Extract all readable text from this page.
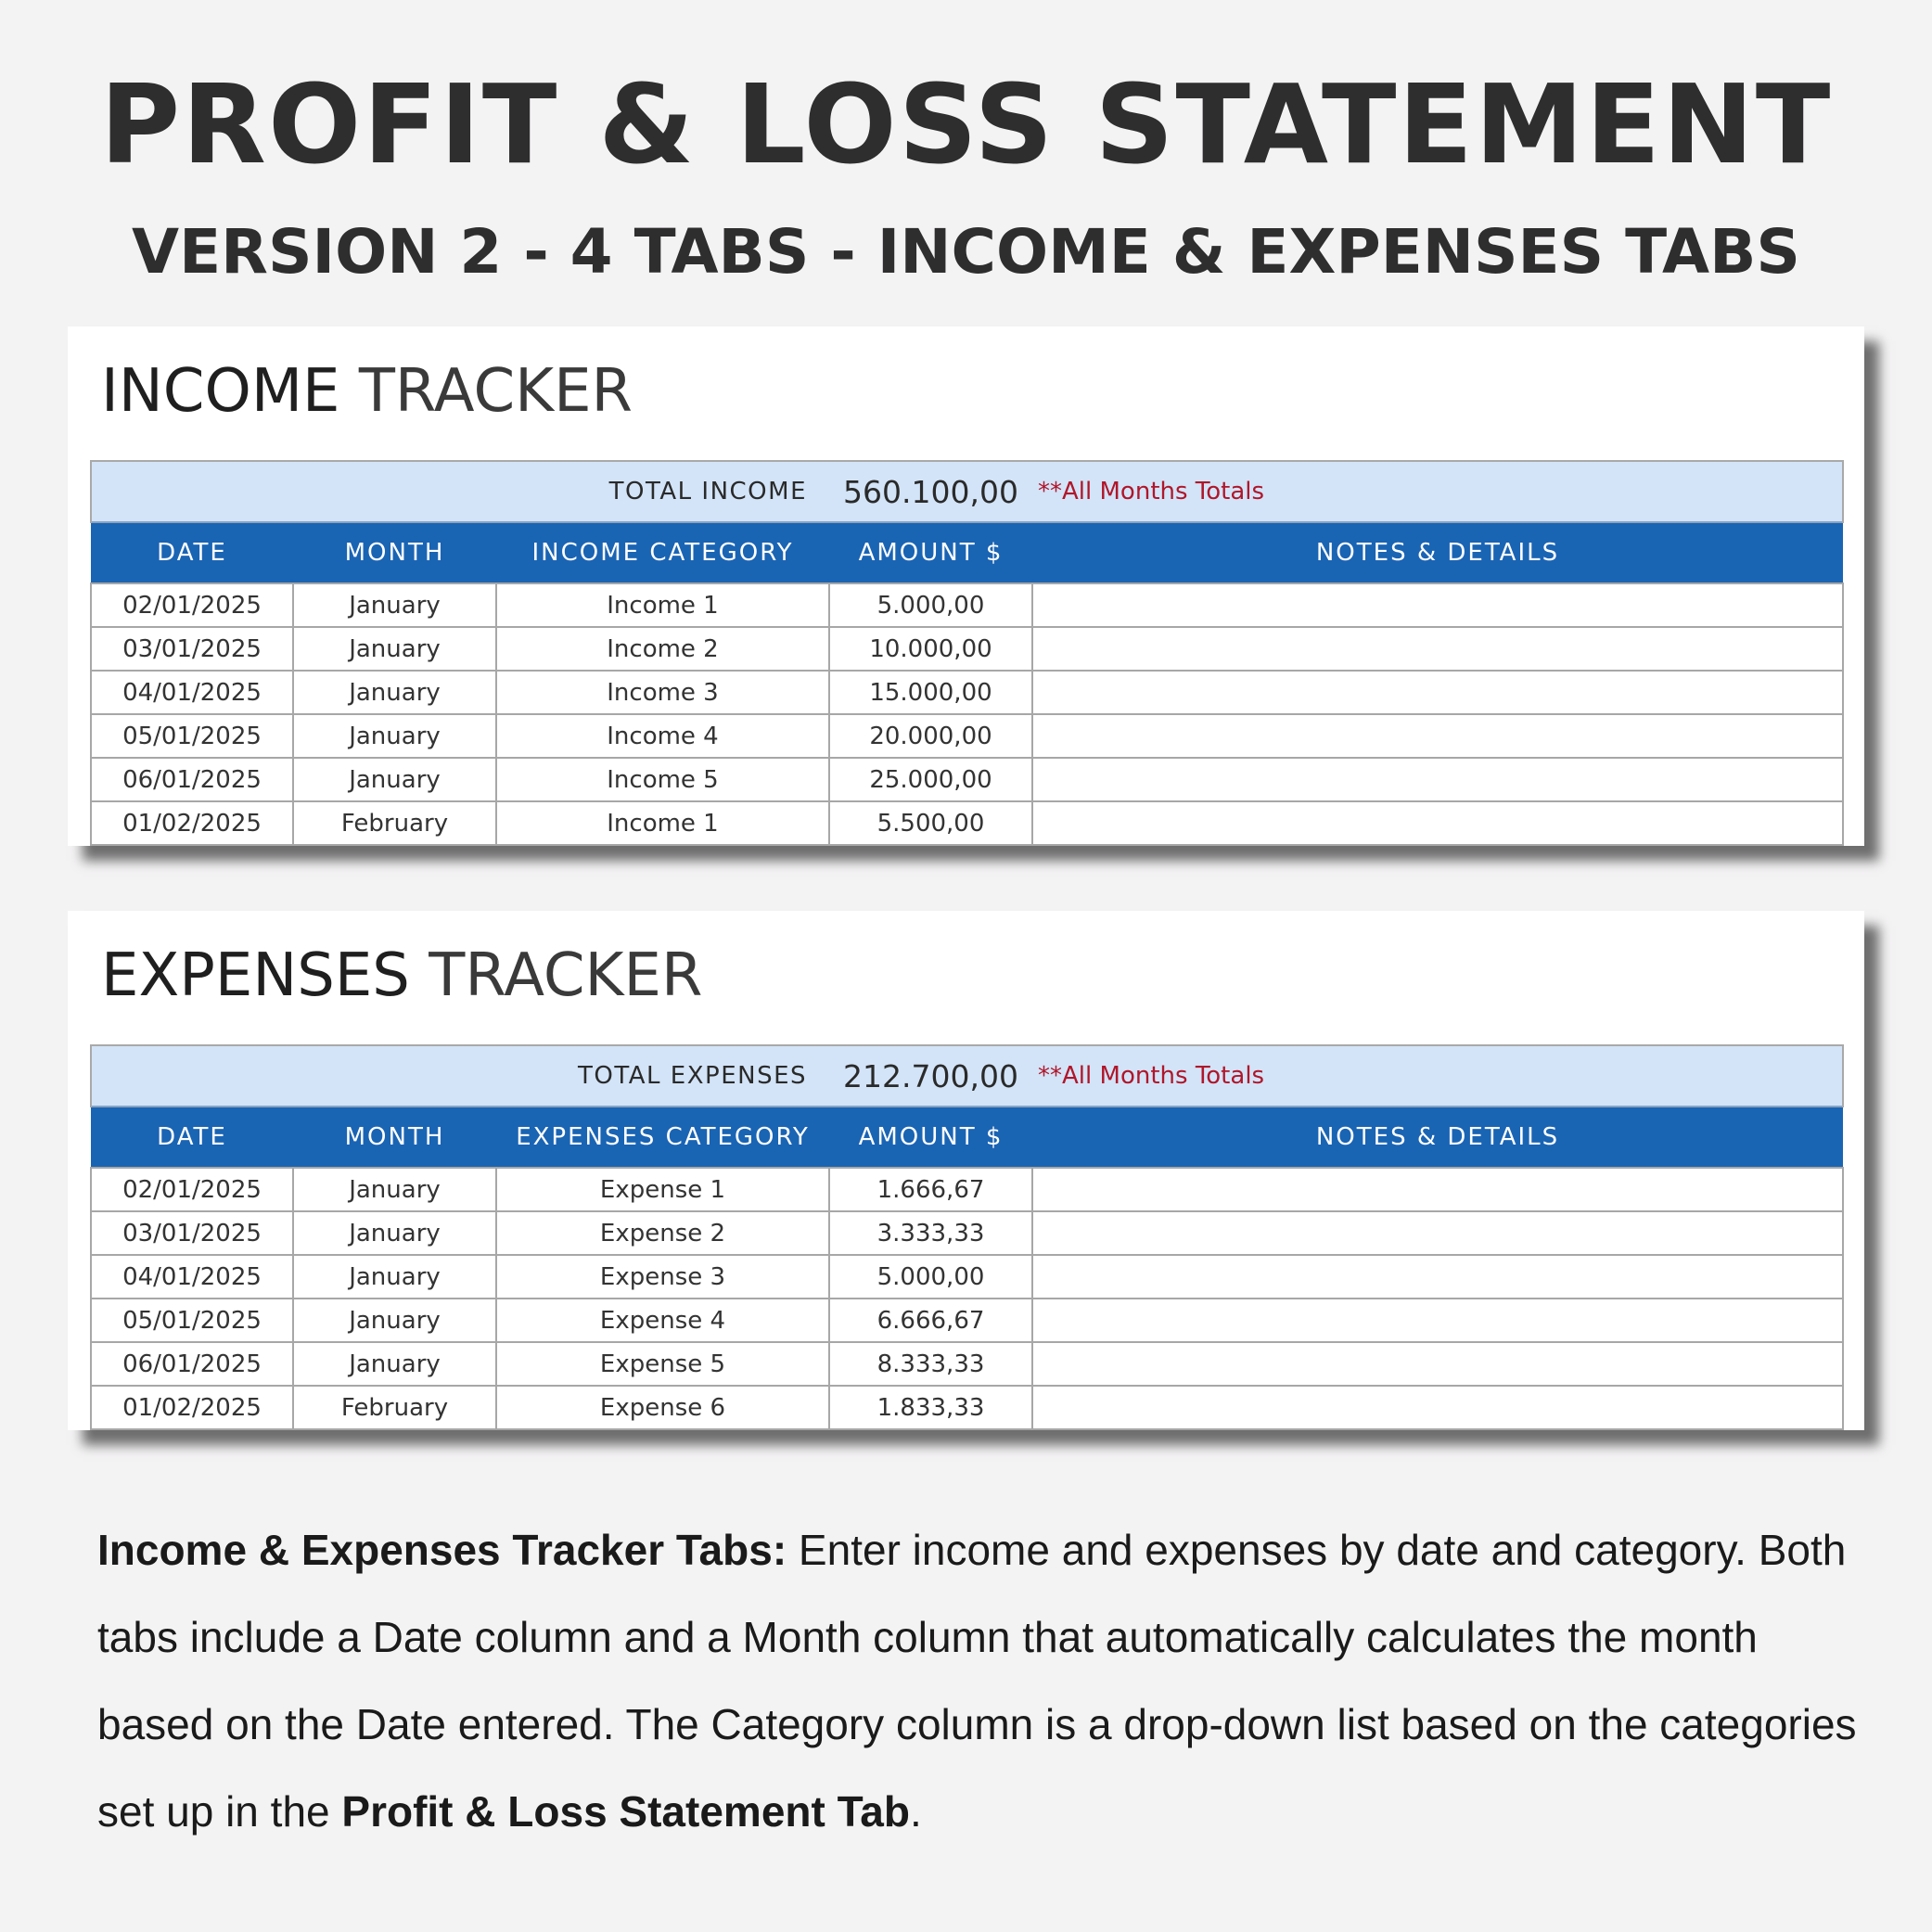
PROFIT & LOSS STATEMENT
VERSION 2 - 4 TABS - INCOME & EXPENSES TABS
INCOME TRACKER
	TOTAL INCOME		560.100,00	**All Months Totals
DATE	MONTH	INCOME CATEGORY	AMOUNT $	NOTES & DETAILS
02/01/2025	January	Income 1	5.000,00	
03/01/2025	January	Income 2	10.000,00	
04/01/2025	January	Income 3	15.000,00	
05/01/2025	January	Income 4	20.000,00	
06/01/2025	January	Income 5	25.000,00	
01/02/2025	February	Income 1	5.500,00	
EXPENSES TRACKER
	TOTAL EXPENSES		212.700,00	**All Months Totals
DATE	MONTH	EXPENSES CATEGORY	AMOUNT $	NOTES & DETAILS
02/01/2025	January	Expense 1	1.666,67	
03/01/2025	January	Expense 2	3.333,33	
04/01/2025	January	Expense 3	5.000,00	
05/01/2025	January	Expense 4	6.666,67	
06/01/2025	January	Expense 5	8.333,33	
01/02/2025	February	Expense 6	1.833,33	

Income & Expenses Tracker Tabs: Enter income and expenses by date and category. Both tabs include a Date column and a Month column that automatically calculates the month based on the Date entered. The Category column is a drop-down list based on the categories set up in the Profit & Loss Statement Tab.
